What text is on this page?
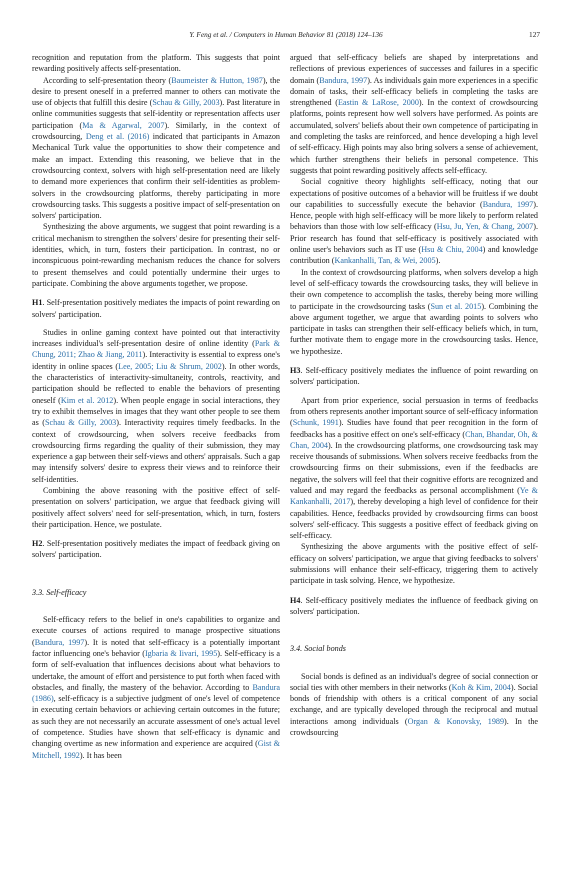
Y. Feng et al. / Computers in Human Behavior 81 (2018) 124–136	127

recognition and reputation from the platform. This suggests that point rewarding positively affects self-presentation.

According to self-presentation theory (Baumeister & Hutton, 1987), the desire to present oneself in a preferred manner to others can motivate the use of objects that fulfill this desire (Schau & Gilly, 2003). Past literature in online communities suggests that self-identity or representation affects user participation (Ma & Agarwal, 2007). Similarly, in the context of crowdsourcing, Deng et al. (2016) indicated that participants in Amazon Mechanical Turk value the opportunities to show their competence and make an impact. Extending this reasoning, we believe that in the crowdsourcing context, solvers with high self-presentation need are likely to demand more experiences that confirm their self-identities as problem-solvers in the crowdsourcing platforms, thereby participating in more crowdsourcing tasks. This suggests a positive impact of self-presentation on solvers' participation.

Synthesizing the above arguments, we suggest that point rewarding is a critical mechanism to strengthen the solvers' desire for presenting their self-identities, which, in turn, fosters their participation. In contrast, no or inconspicuous point-rewarding mechanism reduces the chance for solvers to present themselves and could potentially undermine their urges to participate. Combining the above arguments together, we propose.

H1. Self-presentation positively mediates the impacts of point rewarding on solvers' participation.

Studies in online gaming context have pointed out that interactivity increases individual's self-presentation desire of online identity (Park & Chung, 2011; Zhao & Jiang, 2011). Interactivity is essential to express one's identity in online spaces (Lee, 2005; Liu & Shrum, 2002). In other words, the characteristics of interactivity-simultaneity, controls, reactivity, and participation should be reflected to enable the behaviors of presenting oneself (Kim et al. 2012). When people engage in social interactions, they try to exhibit themselves in images that they want other people to see them as (Schau & Gilly, 2003). Interactivity requires timely feedbacks. In the context of crowdsourcing, when solvers receive feedbacks from crowdsourcing firms regarding the quality of their submission, they may experience a gap between their self-views and others' appraisals. Such a gap may intensify solvers' desire to express their views and to reinforce their self-identities.

Combining the above reasoning with the positive effect of self-presentation on solvers' participation, we argue that feedback giving will positively affect solvers' need for self-presentation, which, in turn, fosters their participation. Hence, we postulate.

H2. Self-presentation positively mediates the impact of feedback giving on solvers' participation.

3.3. Self-efficacy

Self-efficacy refers to the belief in one's capabilities to organize and execute courses of actions required to manage prospective situations (Bandura, 1997). It is noted that self-efficacy is a potentially important factor influencing one's behavior (Igbaria & Iivari, 1995). Self-efficacy is a form of self-evaluation that influences decisions about what behaviors to undertake, the amount of effort and persistence to put forth when faced with obstacles, and finally, the mastery of the behavior. According to Bandura (1986), self-efficacy is a subjective judgment of one's level of competence in executing certain behaviors or achieving certain outcomes in the future; as such they are not necessarily an accurate assessment of one's actual level of competence. Studies have shown that self-efficacy is dynamic and changing overtime as new information and experience are acquired (Gist & Mitchell, 1992). It has been

argued that self-efficacy beliefs are shaped by interpretations and reflections of previous experiences of successes and failures in a specific domain (Bandura, 1997). As individuals gain more experiences in a specific domain of tasks, their self-efficacy beliefs in completing the tasks are strengthened (Eastin & LaRose, 2000). In the context of crowdsourcing platforms, points represent how well solvers have performed. As points are accumulated, solvers' beliefs about their own competence of participating in and completing the tasks are reinforced, and hence developing a high level of self-efficacy. High points may also bring solvers a sense of achievement, which further strengthens their beliefs in personal competence. This suggests that point rewarding positively affects self-efficacy.

Social cognitive theory highlights self-efficacy, noting that our expectations of positive outcomes of a behavior will be fruitless if we doubt our capabilities to successfully execute the behavior (Bandura, 1997). Hence, people with high self-efficacy will be more likely to perform related behaviors than those with low self-efficacy (Hsu, Ju, Yen, & Chang, 2007). Prior research has found that self-efficacy is positively associated with online user's behaviors such as IT use (Hsu & Chiu, 2004) and knowledge contribution (Kankanhalli, Tan, & Wei, 2005).

In the context of crowdsourcing platforms, when solvers develop a high level of self-efficacy towards the crowdsourcing tasks, they will believe in their own competence to accomplish the tasks, thereby being more willing to participate in the crowdsourcing tasks (Sun et al. 2015). Combining the above argument together, we argue that awarding points to solvers who participate in tasks can strengthen their self-efficacy beliefs which, in turn, further motivate them to engage more in the crowdsourcing tasks. Hence, we hypothesize.

H3. Self-efficacy positively mediates the influence of point rewarding on solvers' participation.

Apart from prior experience, social persuasion in terms of feedbacks from others represents another important source of self-efficacy information (Schunk, 1991). Studies have found that peer recognition in the form of feedbacks has a positive effect on one's self-efficacy (Chan, Bhandar, Oh, & Chan, 2004). In the crowdsourcing platforms, one crowdsourcing task may receive thousands of submissions. When solvers receive feedbacks from the crowdsourcing firms on their submissions, even if the feedbacks are negative, the solvers will feel that their cognitive efforts are recognized and valued and may regard the feedbacks as personal accomplishment (Ye & Kankanhalli, 2017), thereby developing a high level of confidence for their capabilities. Hence, feedbacks provided by crowdsourcing firms can boost solvers' self-efficacy. This suggests a positive effect of feedback giving on self-efficacy.

Synthesizing the above arguments with the positive effect of self-efficacy on solvers' participation, we argue that giving feedbacks to solvers' submissions will enhance their self-efficacy, triggering them to actively participate in task solving. Hence, we hypothesize.

H4. Self-efficacy positively mediates the influence of feedback giving on solvers' participation.

3.4. Social bonds

Social bonds is defined as an individual's degree of social connection or social ties with other members in their networks (Koh & Kim, 2004). Social bonds of friendship with others is a critical component of any social exchange, and are typically developed through the reciprocal and mutual interactions among individuals (Organ & Konovsky, 1989). In the crowdsourcing
